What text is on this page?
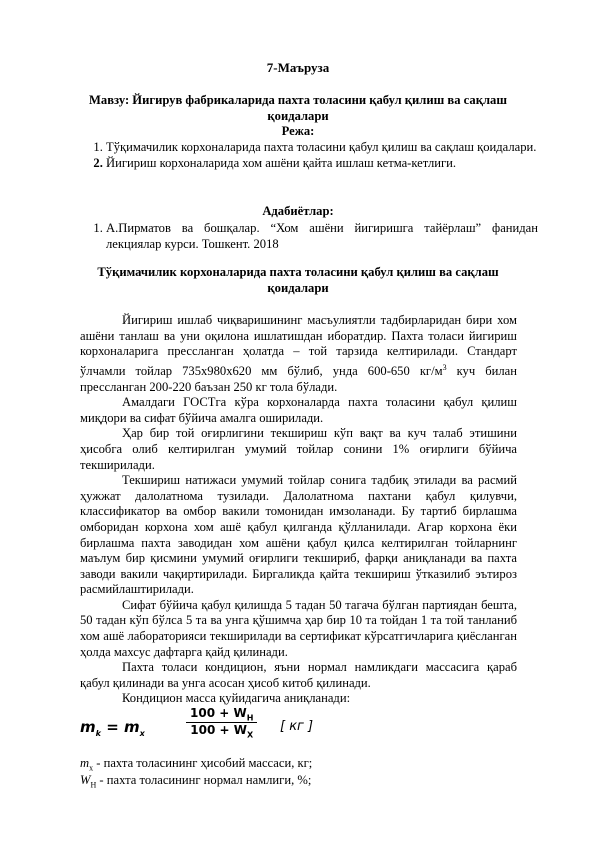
7-Маъруза
Мавзу: Йигирув фабрикаларида пахта толасини қабул қилиш ва сақлаш қоидалари
Режа:
1. Тўқимачилик корхоналарида пахта толасини қабул қилиш ва сақлаш қоидалари.
2. Йигириш корхоналарида хом ашёни қайта ишлаш кетма-кетлиги.
Адабиётлар:
1. А.Пирматов ва бошқалар. “Хом ашёни йигиришга тайёрлаш” фанидан лекциялар курси. Тошкент. 2018
Тўқимачилик корхоналарида пахта толасини қабул қилиш ва сақлаш қоидалари

Йигириш ишлаб чиқваришининг масъулиятли тадбирларидан бири хом ашёни танлаш ва уни оқилона ишлатишдан иборатдир. Пахта толаси йигириш корхоналарига прессланган ҳолатда – той тарзида келтирилади. Стандарт ўлчамли тойлар 735х980х620 мм бўлиб, унда 600-650 $кг/м^3$ куч билан прессланган 200-220 баъзан 250 кг тола бўлади.

Амалдаги ГОСТга кўра корхоналарда пахта толасини қабул қилиш миқдори ва сифат бўйича амалга оширилади.

Ҳар бир той оғирлигини текшириш кўп вақт ва куч талаб этишини ҳисобга олиб келтирилган умумий тойлар сонини 1% оғирлиги бўйича текширилади.

Текшириш натижаси умумий тойлар сонига тадбиқ этилади ва расмий ҳужжат далолатнома тузилади. Далолатнома пахтани қабул қилувчи, классификатор ва омбор вакили томонидан имзоланади. Бу тартиб бирлашма омборидан корхона хом ашё қабул қилганда қўлланилади. Агар корхона ёки бирлашма пахта заводидан хом ашёни қабул қилса келтирилган тойларнинг маълум бир қисмини умумий оғирлиги текшириб, фарқи аниқланади ва пахта заводи вакили чақиртирилади. Биргаликда қайта текшириш ўтказилиб эътироз расмийлаштирилади.

Сифат бўйича қабул қилишда 5 тадан 50 тагача бўлган партиядан бешта, 50 тадан кўп бўлса 5 та ва унга қўшимча ҳар бир 10 та тойдан 1 та той танланиб хом ашё лабораторияси текширилади ва сертификат кўрсатгичларига қиёсланган ҳолда махсус дафтарга қайд қилинади.

Пахта толаси кондицион, яъни нормал намликдаги массасига қараб қабул қилинади ва унга асосан ҳисоб китоб қилинади.

Кондицион масса қуйидагича аниқланади:

$m_k = m_x$	$\frac{100 + W_H}{100 + W_X}$ [ кг ]
$m_x$ - пахта толасининг ҳисобий массаси, кг;
$W_H$ - пахта толасининг нормал намлиги, %;
